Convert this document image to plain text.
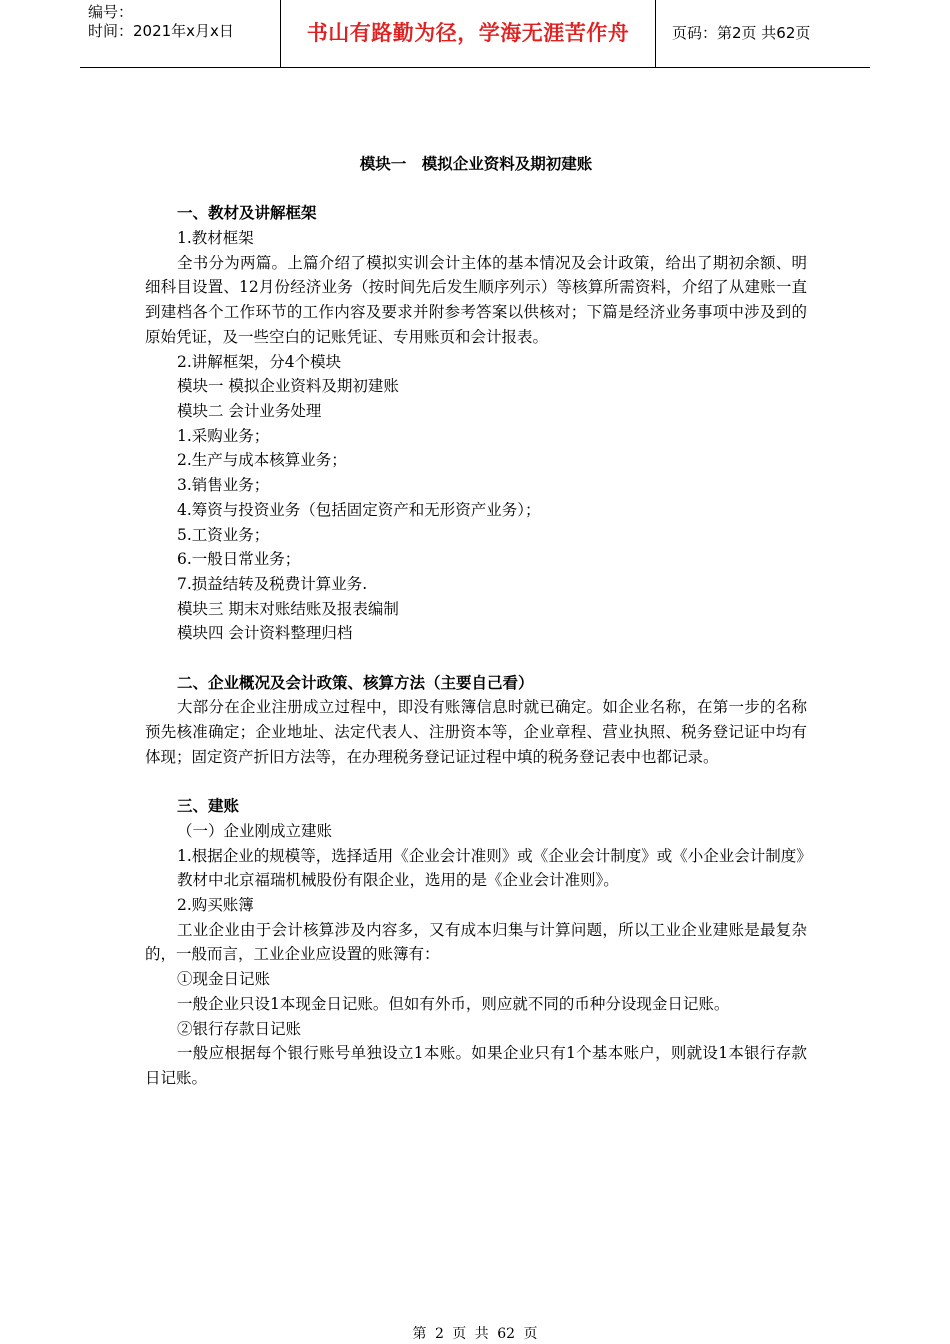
编号：
时间：2021年x月x日	书山有路勤为径，学海无涯苦作舟	页码：第2页 共62页

模块一　模拟企业资料及期初建账

一、教材及讲解框架

1.教材框架

全书分为两篇。上篇介绍了模拟实训会计主体的基本情况及会计政策，给出了期初余额、明细科目设置、12月份经济业务（按时间先后发生顺序列示）等核算所需资料，介绍了从建账一直到建档各个工作环节的工作内容及要求并附参考答案以供核对；下篇是经济业务事项中涉及到的原始凭证，及一些空白的记账凭证、专用账页和会计报表。

2.讲解框架，分4个模块

模块一 模拟企业资料及期初建账

模块二 会计业务处理

1.采购业务；

2.生产与成本核算业务；

3.销售业务；

4.筹资与投资业务（包括固定资产和无形资产业务）；

5.工资业务；

6.一般日常业务；

7.损益结转及税费计算业务.

模块三 期末对账结账及报表编制

模块四 会计资料整理归档

二、企业概况及会计政策、核算方法（主要自己看）

大部分在企业注册成立过程中，即没有账簿信息时就已确定。如企业名称，在第一步的名称预先核准确定；企业地址、法定代表人、注册资本等，企业章程、营业执照、税务登记证中均有体现；固定资产折旧方法等，在办理税务登记证过程中填的税务登记表中也都记录。

三、建账

（一）企业刚成立建账

1.根据企业的规模等，选择适用《企业会计准则》或《企业会计制度》或《小企业会计制度》

教材中北京福瑞机械股份有限企业，选用的是《企业会计准则》。

2.购买账簿

工业企业由于会计核算涉及内容多，又有成本归集与计算问题，所以工业企业建账是最复杂的，一般而言，工业企业应设置的账簿有：

①现金日记账

一般企业只设1本现金日记账。但如有外币，则应就不同的币种分设现金日记账。

②银行存款日记账

一般应根据每个银行账号单独设立1本账。如果企业只有1个基本账户，则就设1本银行存款日记账。

第 2 页 共 62 页
